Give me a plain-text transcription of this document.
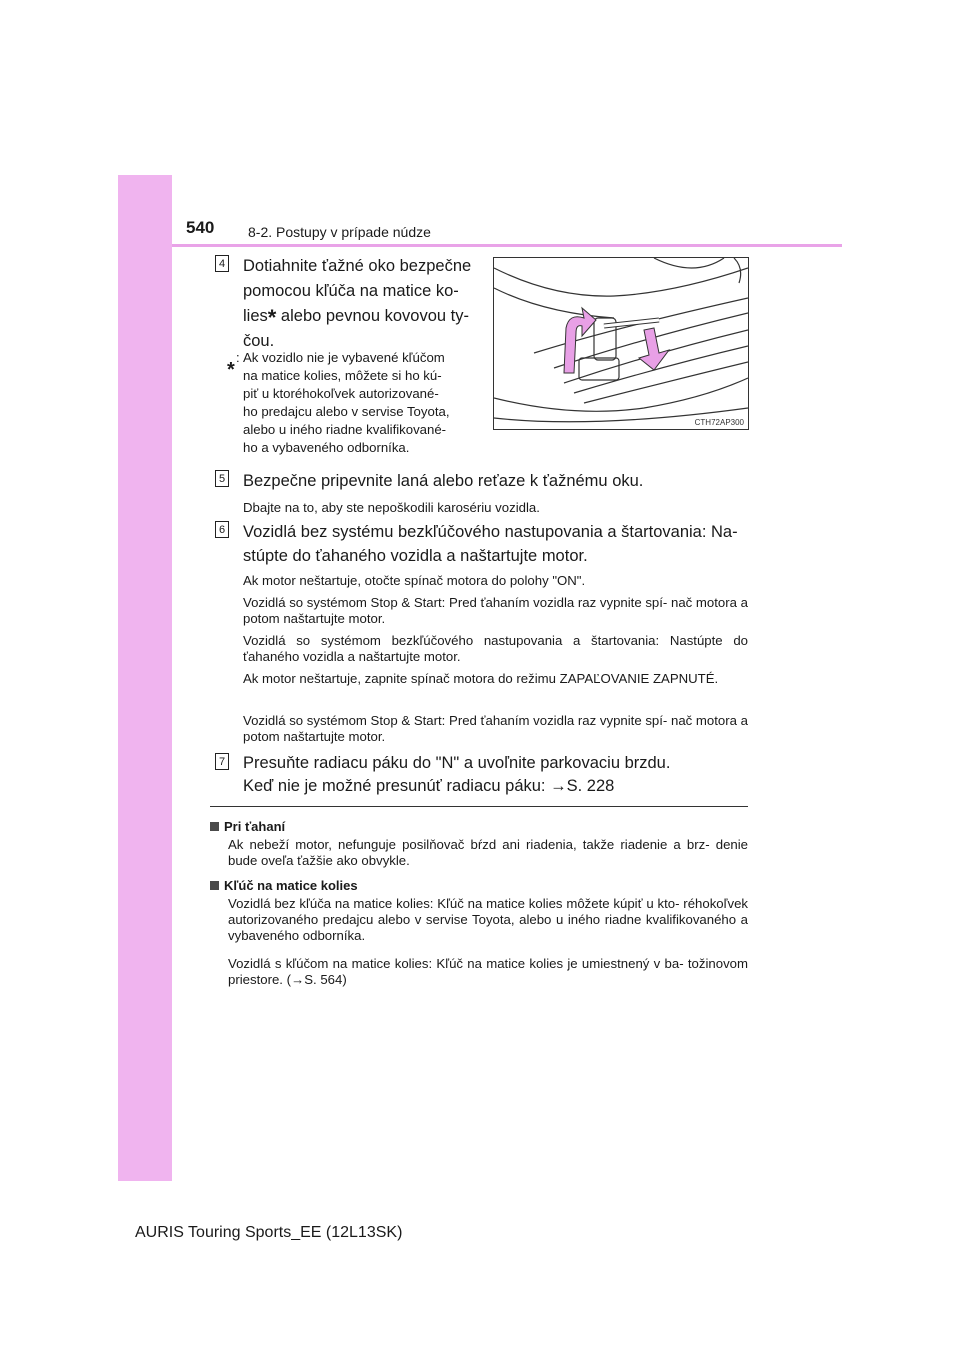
540 8-2. Postupy v prípade núdze
4 Dotiahnite ťažné oko bezpečne
pomocou kľúča na matice ko-
lies* alebo pevnou kovovou ty-
čou.
*
: Ak vozidlo nie je vybavené kľúčom
na matice kolies, môžete si ho kú-
piť u ktoréhokoľvek autorizované-
ho predajcu alebo v servise Toyota,
alebo u iného riadne kvalifikované-
ho a vybaveného odborníka.
CTH72AP300
5 Bezpečne pripevnite laná alebo reťaze k ťažnému oku.
Dbajte na to, aby ste nepoškodili karosériu vozidla.
6 Vozidlá bez systému bezkľúčového nastupovania a štartovania: Na-
stúpte do ťahaného vozidla a naštartujte motor.
Ak motor neštartuje, otočte spínač motora do polohy "ON".
Vozidlá so systémom Stop & Start: Pred ťahaním vozidla raz vypnite spí- nač motora a potom naštartujte motor.
Vozidlá so systémom bezkľúčového nastupovania a štartovania: Nastúpte do ťahaného vozidla a naštartujte motor.
Ak motor neštartuje, zapnite spínač motora do režimu ZAPAĽOVANIE ZAPNUTÉ.
Vozidlá so systémom Stop & Start: Pred ťahaním vozidla raz vypnite spí- nač motora a potom naštartujte motor.
7 Presuňte radiacu páku do "N" a uvoľnite parkovaciu brzdu.
Keď nie je možné presunúť radiacu páku: →S. 228
Pri ťahaní
Ak nebeží motor, nefunguje posilňovač bŕzd ani riadenia, takže riadenie a brz- denie bude oveľa ťažšie ako obvykle.
Kľúč na matice kolies
Vozidlá bez kľúča na matice kolies: Kľúč na matice kolies môžete kúpiť u kto- réhokoľvek autorizovaného predajcu alebo v servise Toyota, alebo u iného riadne kvalifikovaného a vybaveného odborníka.
Vozidlá s kľúčom na matice kolies: Kľúč na matice kolies je umiestnený v ba- tožinovom priestore. (→S. 564)
AURIS Touring Sports_EE (12L13SK)
